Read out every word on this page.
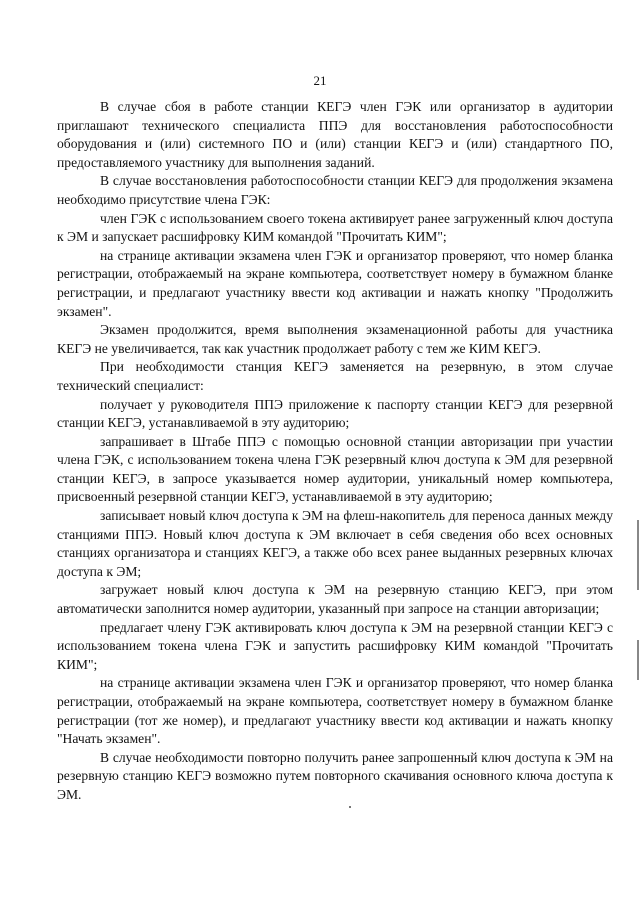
21

В случае сбоя в работе станции КЕГЭ член ГЭК или организатор в аудитории приглашают технического специалиста ППЭ для восстановления работоспособности оборудования и (или) системного ПО и (или) станции КЕГЭ и (или) стандартного ПО, предоставляемого участнику для выполнения заданий.

В случае восстановления работоспособности станции КЕГЭ для продолжения экзамена необходимо присутствие члена ГЭК:

член ГЭК с использованием своего токена активирует ранее загруженный ключ доступа к ЭМ и запускает расшифровку КИМ командой "Прочитать КИМ";

на странице активации экзамена член ГЭК и организатор проверяют, что номер бланка регистрации, отображаемый на экране компьютера, соответствует номеру в бумажном бланке регистрации, и предлагают участнику ввести код активации и нажать кнопку "Продолжить экзамен".

Экзамен продолжится, время выполнения экзаменационной работы для участника КЕГЭ не увеличивается, так как участник продолжает работу с тем же КИМ КЕГЭ.

При необходимости станция КЕГЭ заменяется на резервную, в этом случае технический специалист:

получает у руководителя ППЭ приложение к паспорту станции КЕГЭ для резервной станции КЕГЭ, устанавливаемой в эту аудиторию;

запрашивает в Штабе ППЭ с помощью основной станции авторизации при участии члена ГЭК, с использованием токена члена ГЭК резервный ключ доступа к ЭМ для резервной станции КЕГЭ, в запросе указывается номер аудитории, уникальный номер компьютера, присвоенный резервной станции КЕГЭ, устанавливаемой в эту аудиторию;

записывает новый ключ доступа к ЭМ на флеш-накопитель для переноса данных между станциями ППЭ. Новый ключ доступа к ЭМ включает в себя сведения обо всех основных станциях организатора и станциях КЕГЭ, а также обо всех ранее выданных резервных ключах доступа к ЭМ;

загружает новый ключ доступа к ЭМ на резервную станцию КЕГЭ, при этом автоматически заполнится номер аудитории, указанный при запросе на станции авторизации;

предлагает члену ГЭК активировать ключ доступа к ЭМ на резервной станции КЕГЭ с использованием токена члена ГЭК и запустить расшифровку КИМ командой "Прочитать КИМ";

на странице активации экзамена член ГЭК и организатор проверяют, что номер бланка регистрации, отображаемый на экране компьютера, соответствует номеру в бумажном бланке регистрации (тот же номер), и предлагают участнику ввести код активации и нажать кнопку "Начать экзамен".

В случае необходимости повторно получить ранее запрошенный ключ доступа к ЭМ на резервную станцию КЕГЭ возможно путем повторного скачивания основного ключа доступа к ЭМ.
